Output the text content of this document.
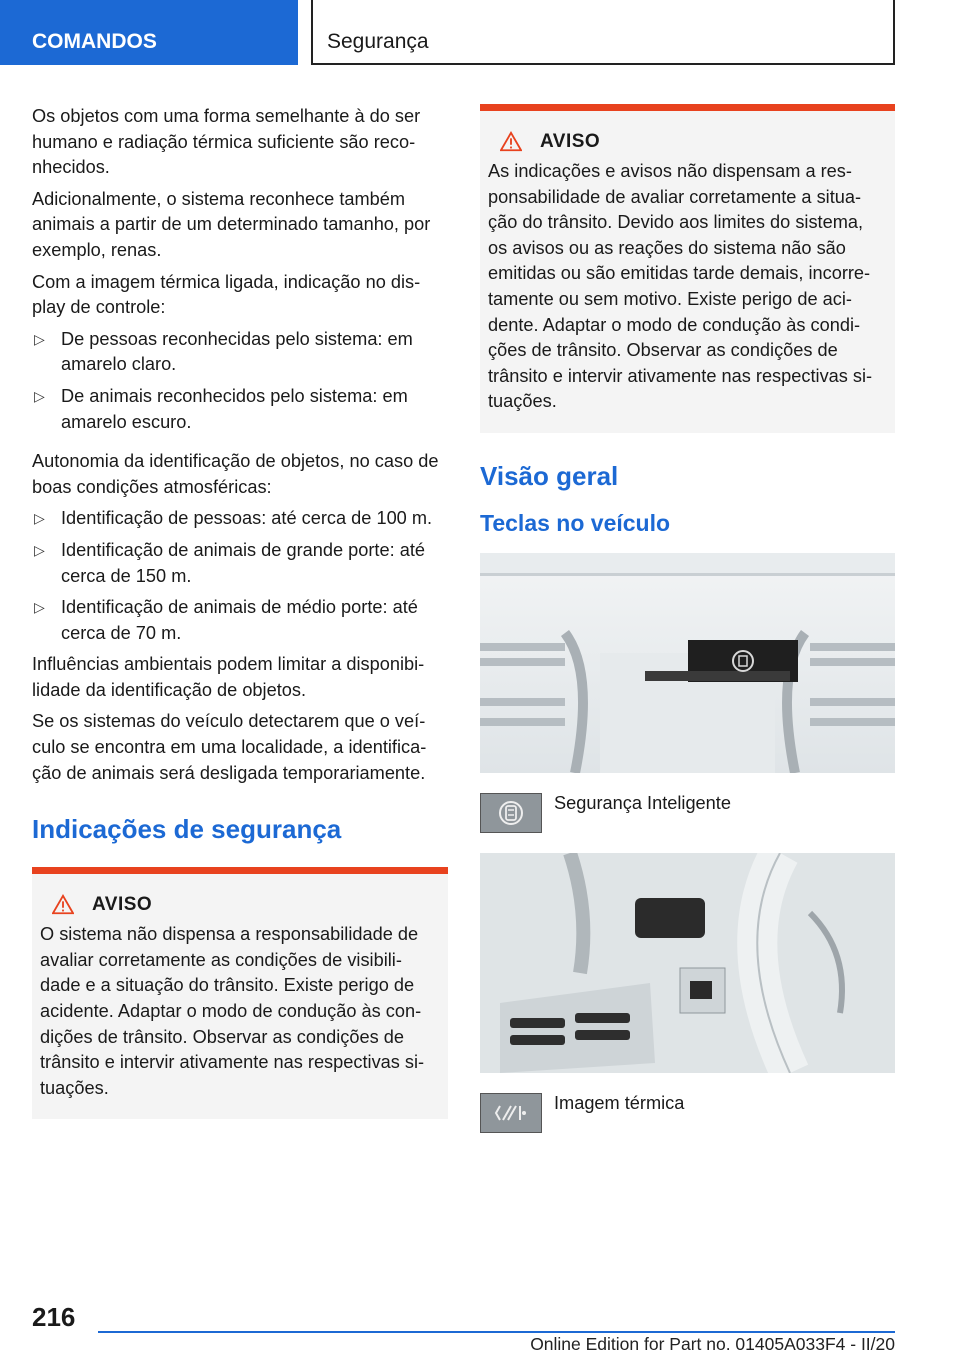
COMANDOS	Segurança

Os objetos com uma forma semelhante à do ser humano e radiação térmica suficiente são reco-nhecidos.

Adicionalmente, o sistema reconhece também animais a partir de um determinado tamanho, por exemplo, renas.

Com a imagem térmica ligada, indicação no dis-play de controle:

▷ De pessoas reconhecidas pelo sistema: em amarelo claro.
▷ De animais reconhecidos pelo sistema: em amarelo escuro.

Autonomia da identificação de objetos, no caso de boas condições atmosféricas:

▷ Identificação de pessoas: até cerca de 100 m.
▷ Identificação de animais de grande porte: até cerca de 150 m.
▷ Identificação de animais de médio porte: até cerca de 70 m.

Influências ambientais podem limitar a disponibi-lidade da identificação de objetos.

Se os sistemas do veículo detectarem que o veí-culo se encontra em uma localidade, a identifica-ção de animais será desligada temporariamente.

Indicações de segurança
AVISO

O sistema não dispensa a responsabilidade de avaliar corretamente as condições de visibili-dade e a situação do trânsito. Existe perigo de acidente. Adaptar o modo de condução às con-dições de trânsito. Observar as condições de trânsito e intervir ativamente nas respectivas si-tuações.

AVISO

As indicações e avisos não dispensam a res-ponsabilidade de avaliar corretamente a situa-ção do trânsito. Devido aos limites do sistema, os avisos ou as reações do sistema não são emitidas ou são emitidas tarde demais, incorre-tamente ou sem motivo. Existe perigo de aci-dente. Adaptar o modo de condução às condi-ções de trânsito. Observar as condições de trânsito e intervir ativamente nas respectivas si-tuações.

Visão geral
Teclas no veículo
Segurança Inteligente
Imagem térmica
216
Online Edition for Part no. 01405A033F4 - II/20
